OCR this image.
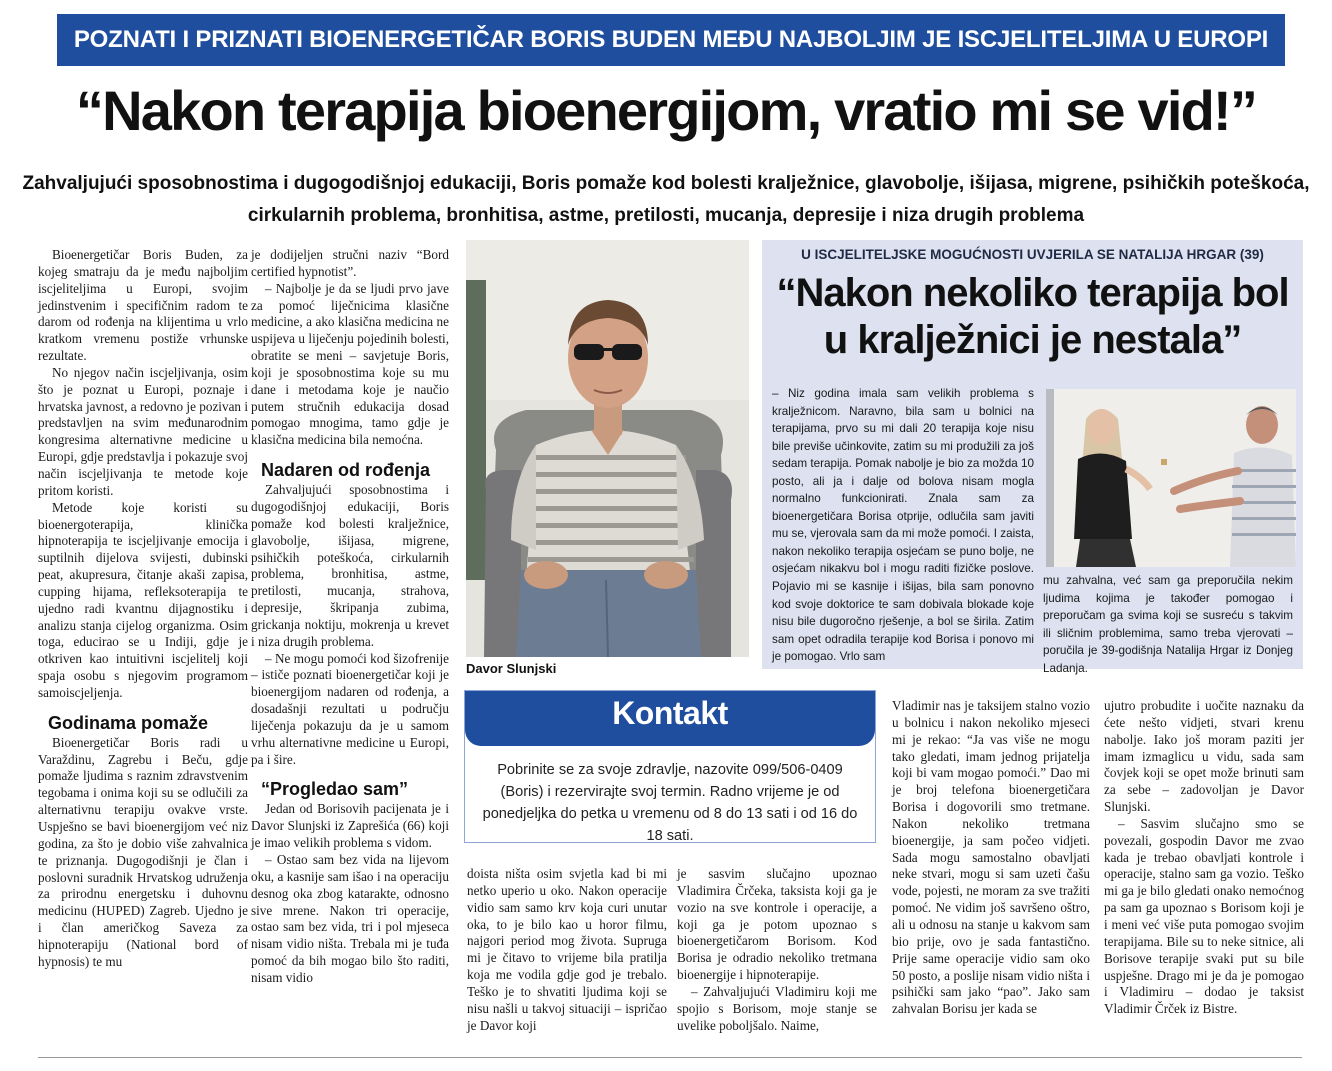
POZNATI I PRIZNATI BIOENERGETIČAR BORIS BUDEN MEĐU NAJBOLJIM JE ISCJELITELJIMA U EUROPI
“Nakon terapija bioenergijom, vratio mi se vid!”
Zahvaljujući sposobnostima i dugogodišnjoj edukaciji, Boris pomaže kod bolesti kralježnice, glavobolje, išijasa, migrene, psihičkih poteškoća, cirkularnih problema, bronhitisa, astme, pretilosti, mucanja, depresije i niza drugih problema

Bioenergetičar Boris Buden, za kojeg smatraju da je među najboljim iscjeliteljima u Europi, svojim jedinstvenim i specifičnim radom te darom od rođenja na klijentima u vrlo kratkom vremenu postiže vrhunske rezultate.

No njegov način iscjeljivanja, osim što je poznat u Europi, poznaje i hrvatska javnost, a redovno je pozivan i predstavljen na svim međunarodnim kongresima alternativne medicine u Europi, gdje predstavlja i pokazuje svoj način iscjeljivanja te metode koje pritom koristi.

Metode koje koristi su bioenergoterapija, klinička hipnoterapija te iscjeljivanje emocija i suptilnih dijelova svijesti, dubinski peat, akupresura, čitanje akaši zapisa, cupping hijama, refleksoterapija te ujedno radi kvantnu dijagnostiku i analizu stanja cijelog organizma. Osim toga, educirao se u Indiji, gdje je otkriven kao intuitivni iscjelitelj koji spaja osobu s njegovim programom samoiscjeljenja.

Godinama pomaže

Bioenergetičar Boris radi u Varaždinu, Zagrebu i Beču, gdje pomaže ljudima s raznim zdravstvenim tegobama i onima koji su se odlučili za alternativnu terapiju ovakve vrste. Uspješno se bavi bioenergijom već niz godina, za što je dobio više zahvalnica te priznanja. Dugogodišnji je član i poslovni suradnik Hrvatskog udruženja za prirodnu energetsku i duhovnu medicinu (HUPED) Zagreb. Ujedno je i član američkog Saveza za hipnoterapiju (National bord of hypnosis) te mu

je dodijeljen stručni naziv “Bord certified hypnotist”.

– Najbolje je da se ljudi prvo jave za pomoć liječnicima klasične medicine, a ako klasična medicina ne uspijeva u liječenju pojedinih bolesti, obratite se meni – savjetuje Boris, koji je sposobnostima koje su mu dane i metodama koje je naučio putem stručnih edukacija dosad pomogao mnogima, tamo gdje je klasična medicina bila nemoćna.

Nadaren od rođenja

Zahvaljujući sposobnostima i dugogodišnjoj edukaciji, Boris pomaže kod bolesti kralježnice, glavobolje, išijasa, migrene, psihičkih poteškoća, cirkularnih problema, bronhitisa, astme, pretilosti, mucanja, strahova, depresije, škripanja zubima, grickanja noktiju, mokrenja u krevet i niza drugih problema.

– Ne mogu pomoći kod šizofrenije – ističe poznati bioenergetičar koji je bioenergijom nadaren od rođenja, a dosadašnji rezultati u području liječenja pokazuju da je u samom vrhu alternativne medicine u Europi, pa i šire.

“Progledao sam”

Jedan od Borisovih pacijenata je i Davor Slunjski iz Zaprešića (66) koji je imao velikih problema s vidom.

– Ostao sam bez vida na lijevom oku, a kasnije sam išao i na operaciju desnog oka zbog katarakte, odnosno sive mrene. Nakon tri operacije, ostao sam bez vida, tri i pol mjeseca nisam vidio ništa. Trebala mi je tuđa pomoć da bih mogao bilo što raditi, nisam vidio

Davor Slunjski
U ISCJELITELJSKE MOGUĆNOSTI UVJERILA SE NATALIJA HRGAR (39)
“Nakon nekoliko terapija bol u kralježnici je nestala”
– Niz godina imala sam velikih problema s kralježnicom. Naravno, bila sam u bolnici na terapijama, prvo su mi dali 20 terapija koje nisu bile previše učinkovite, zatim su mi produžili za još sedam terapija. Pomak nabolje je bio za možda 10 posto, ali ja i dalje od bolova nisam mogla normalno funkcionirati. Znala sam za bioenergetičara Borisa otprije, odlučila sam javiti mu se, vjerovala sam da mi može pomoći. I zaista, nakon nekoliko terapija osjećam se puno bolje, ne osjećam nikakvu bol i mogu raditi fizičke poslove. Pojavio mi se kasnije i išijas, bila sam ponovno kod svoje doktorice te sam dobivala blokade koje nisu bile dugoročno rješenje, a bol se širila. Zatim sam opet odradila terapije kod Borisa i ponovo mi je pomogao. Vrlo sam
mu zahvalna, već sam ga preporučila nekim ljudima kojima je također pomogao i preporučam ga svima koji se susreću s takvim ili sličnim problemima, samo treba vjerovati – poručila je 39-godišnja Natalija Hrgar iz Donjeg Ladanja.
Kontakt
Pobrinite se za svoje zdravlje, nazovite 099/506-0409 (Boris) i rezervirajte svoj termin. Radno vrijeme je od ponedjeljka do petka u vremenu od 8 do 13 sati i od 16 do 18 sati.

doista ništa osim svjetla kad bi mi netko uperio u oko. Nakon operacije vidio sam samo krv koja curi unutar oka, to je bilo kao u horor filmu, najgori period mog života. Supruga mi je čitavo to vrijeme bila pratilja koja me vodila gdje god je trebalo. Teško je to shvatiti ljudima koji se nisu našli u takvoj situaciji – ispričao je Davor koji

je sasvim slučajno upoznao Vladimira Črčeka, taksista koji ga je vozio na sve kontrole i operacije, a koji ga je potom upoznao s bioenergetičarom Borisom. Kod Borisa je odradio nekoliko tretmana bioenergije i hipnoterapije.

– Zahvaljujući Vladimiru koji me spojio s Borisom, moje stanje se uvelike poboljšalo. Naime,

Vladimir nas je taksijem stalno vozio u bolnicu i nakon nekoliko mjeseci mi je rekao: “Ja vas više ne mogu tako gledati, imam jednog prijatelja koji bi vam mogao pomoći.” Dao mi je broj telefona bioenergetičara Borisa i dogovorili smo tretmane. Nakon nekoliko tretmana bioenergije, ja sam počeo vidjeti. Sada mogu samostalno obavljati neke stvari, mogu si sam uzeti čašu vode, pojesti, ne moram za sve tražiti pomoć. Ne vidim još savršeno oštro, ali u odnosu na stanje u kakvom sam bio prije, ovo je sada fantastično. Prije same operacije vidio sam oko 50 posto, a poslije nisam vidio ništa i psihički sam jako “pao”. Jako sam zahvalan Borisu jer kada se

ujutro probudite i uočite naznaku da ćete nešto vidjeti, stvari krenu nabolje. Iako još moram paziti jer imam izmaglicu u vidu, sada sam čovjek koji se opet može brinuti sam za sebe – zadovoljan je Davor Slunjski.

– Sasvim slučajno smo se povezali, gospodin Davor me zvao kada je trebao obavljati kontrole i operacije, stalno sam ga vozio. Teško mi ga je bilo gledati onako nemoćnog pa sam ga upoznao s Borisom koji je i meni već više puta pomogao svojim terapijama. Bile su to neke sitnice, ali Borisove terapije svaki put su bile uspješne. Drago mi je da je pomogao i Vladimiru – dodao je taksist Vladimir Črček iz Bistre.
